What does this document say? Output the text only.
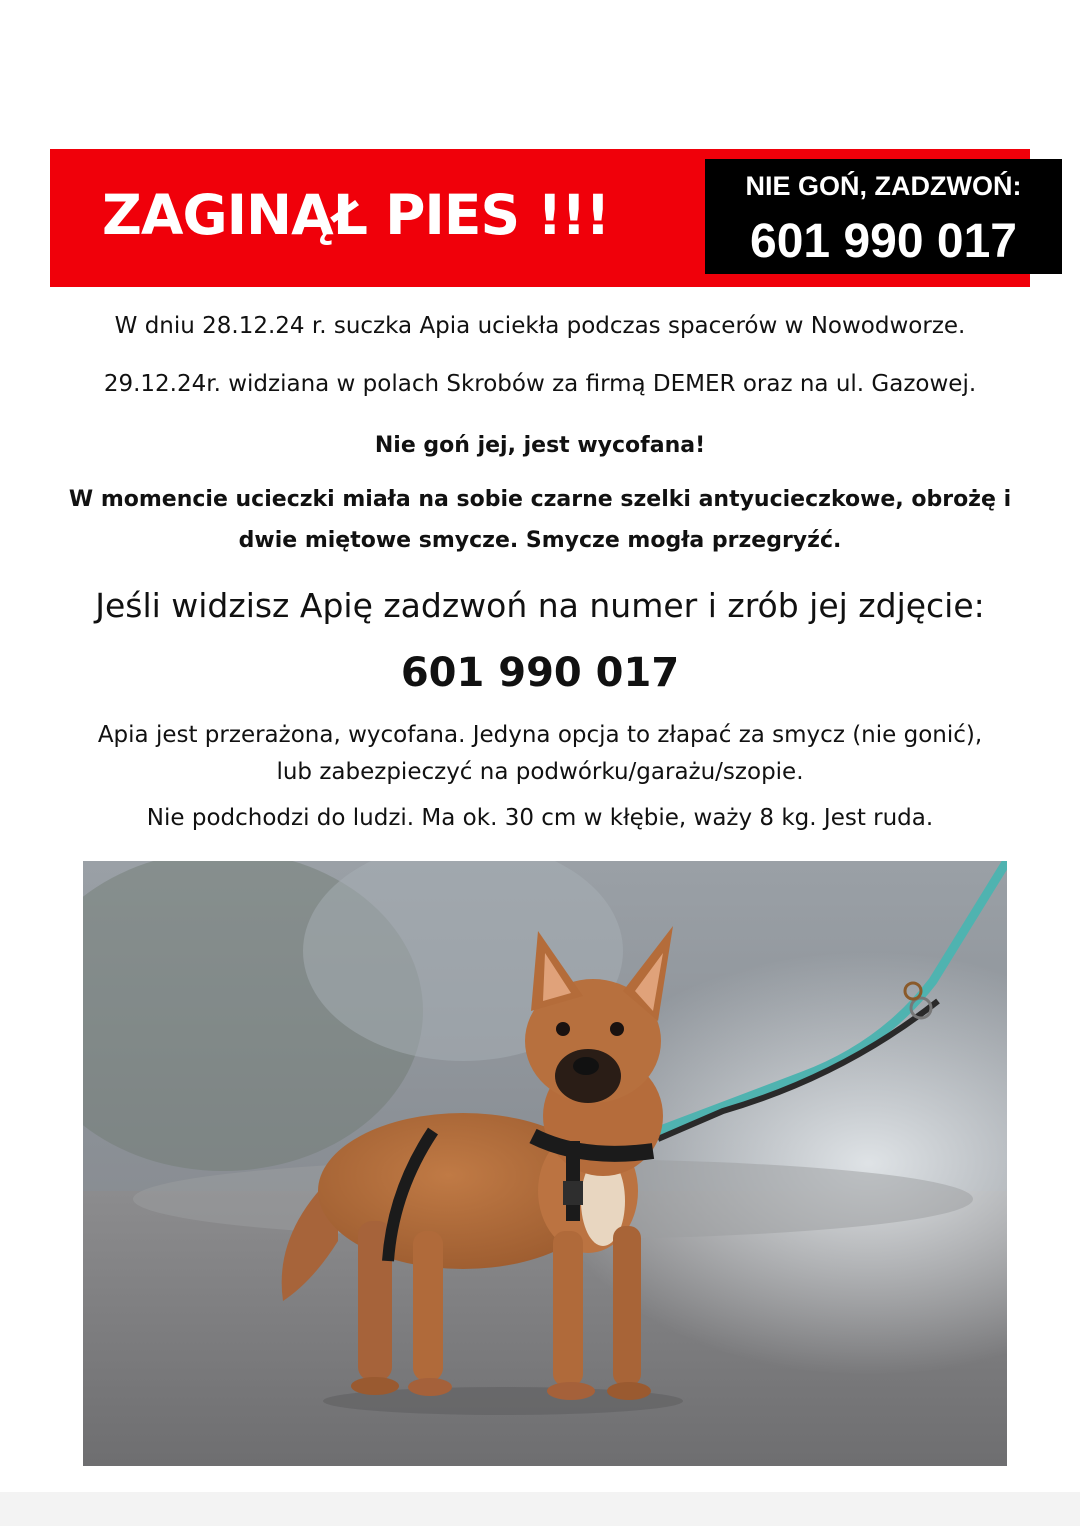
ZAGINĄŁ PIES !!!	NIE GOŃ, ZADZWOŃ:
601 990 017
W dniu 28.12.24 r. suczka Apia uciekła podczas spacerów w Nowodworze.
29.12.24r. widziana w polach Skrobów za firmą DEMER oraz na ul. Gazowej.
Nie goń jej, jest wycofana!
W momencie ucieczki miała na sobie czarne szelki antyucieczkowe, obrożę i
dwie miętowe smycze. Smycze mogła przegryźć.
Jeśli widzisz Apię zadzwoń na numer i zrób jej zdjęcie:
601 990 017
Apia jest przerażona, wycofana. Jedyna opcja to złapać za smycz (nie gonić),
lub zabezpieczyć na podwórku/garażu/szopie.
Nie podchodzi do ludzi. Ma ok. 30 cm w kłębie, waży 8 kg. Jest ruda.
